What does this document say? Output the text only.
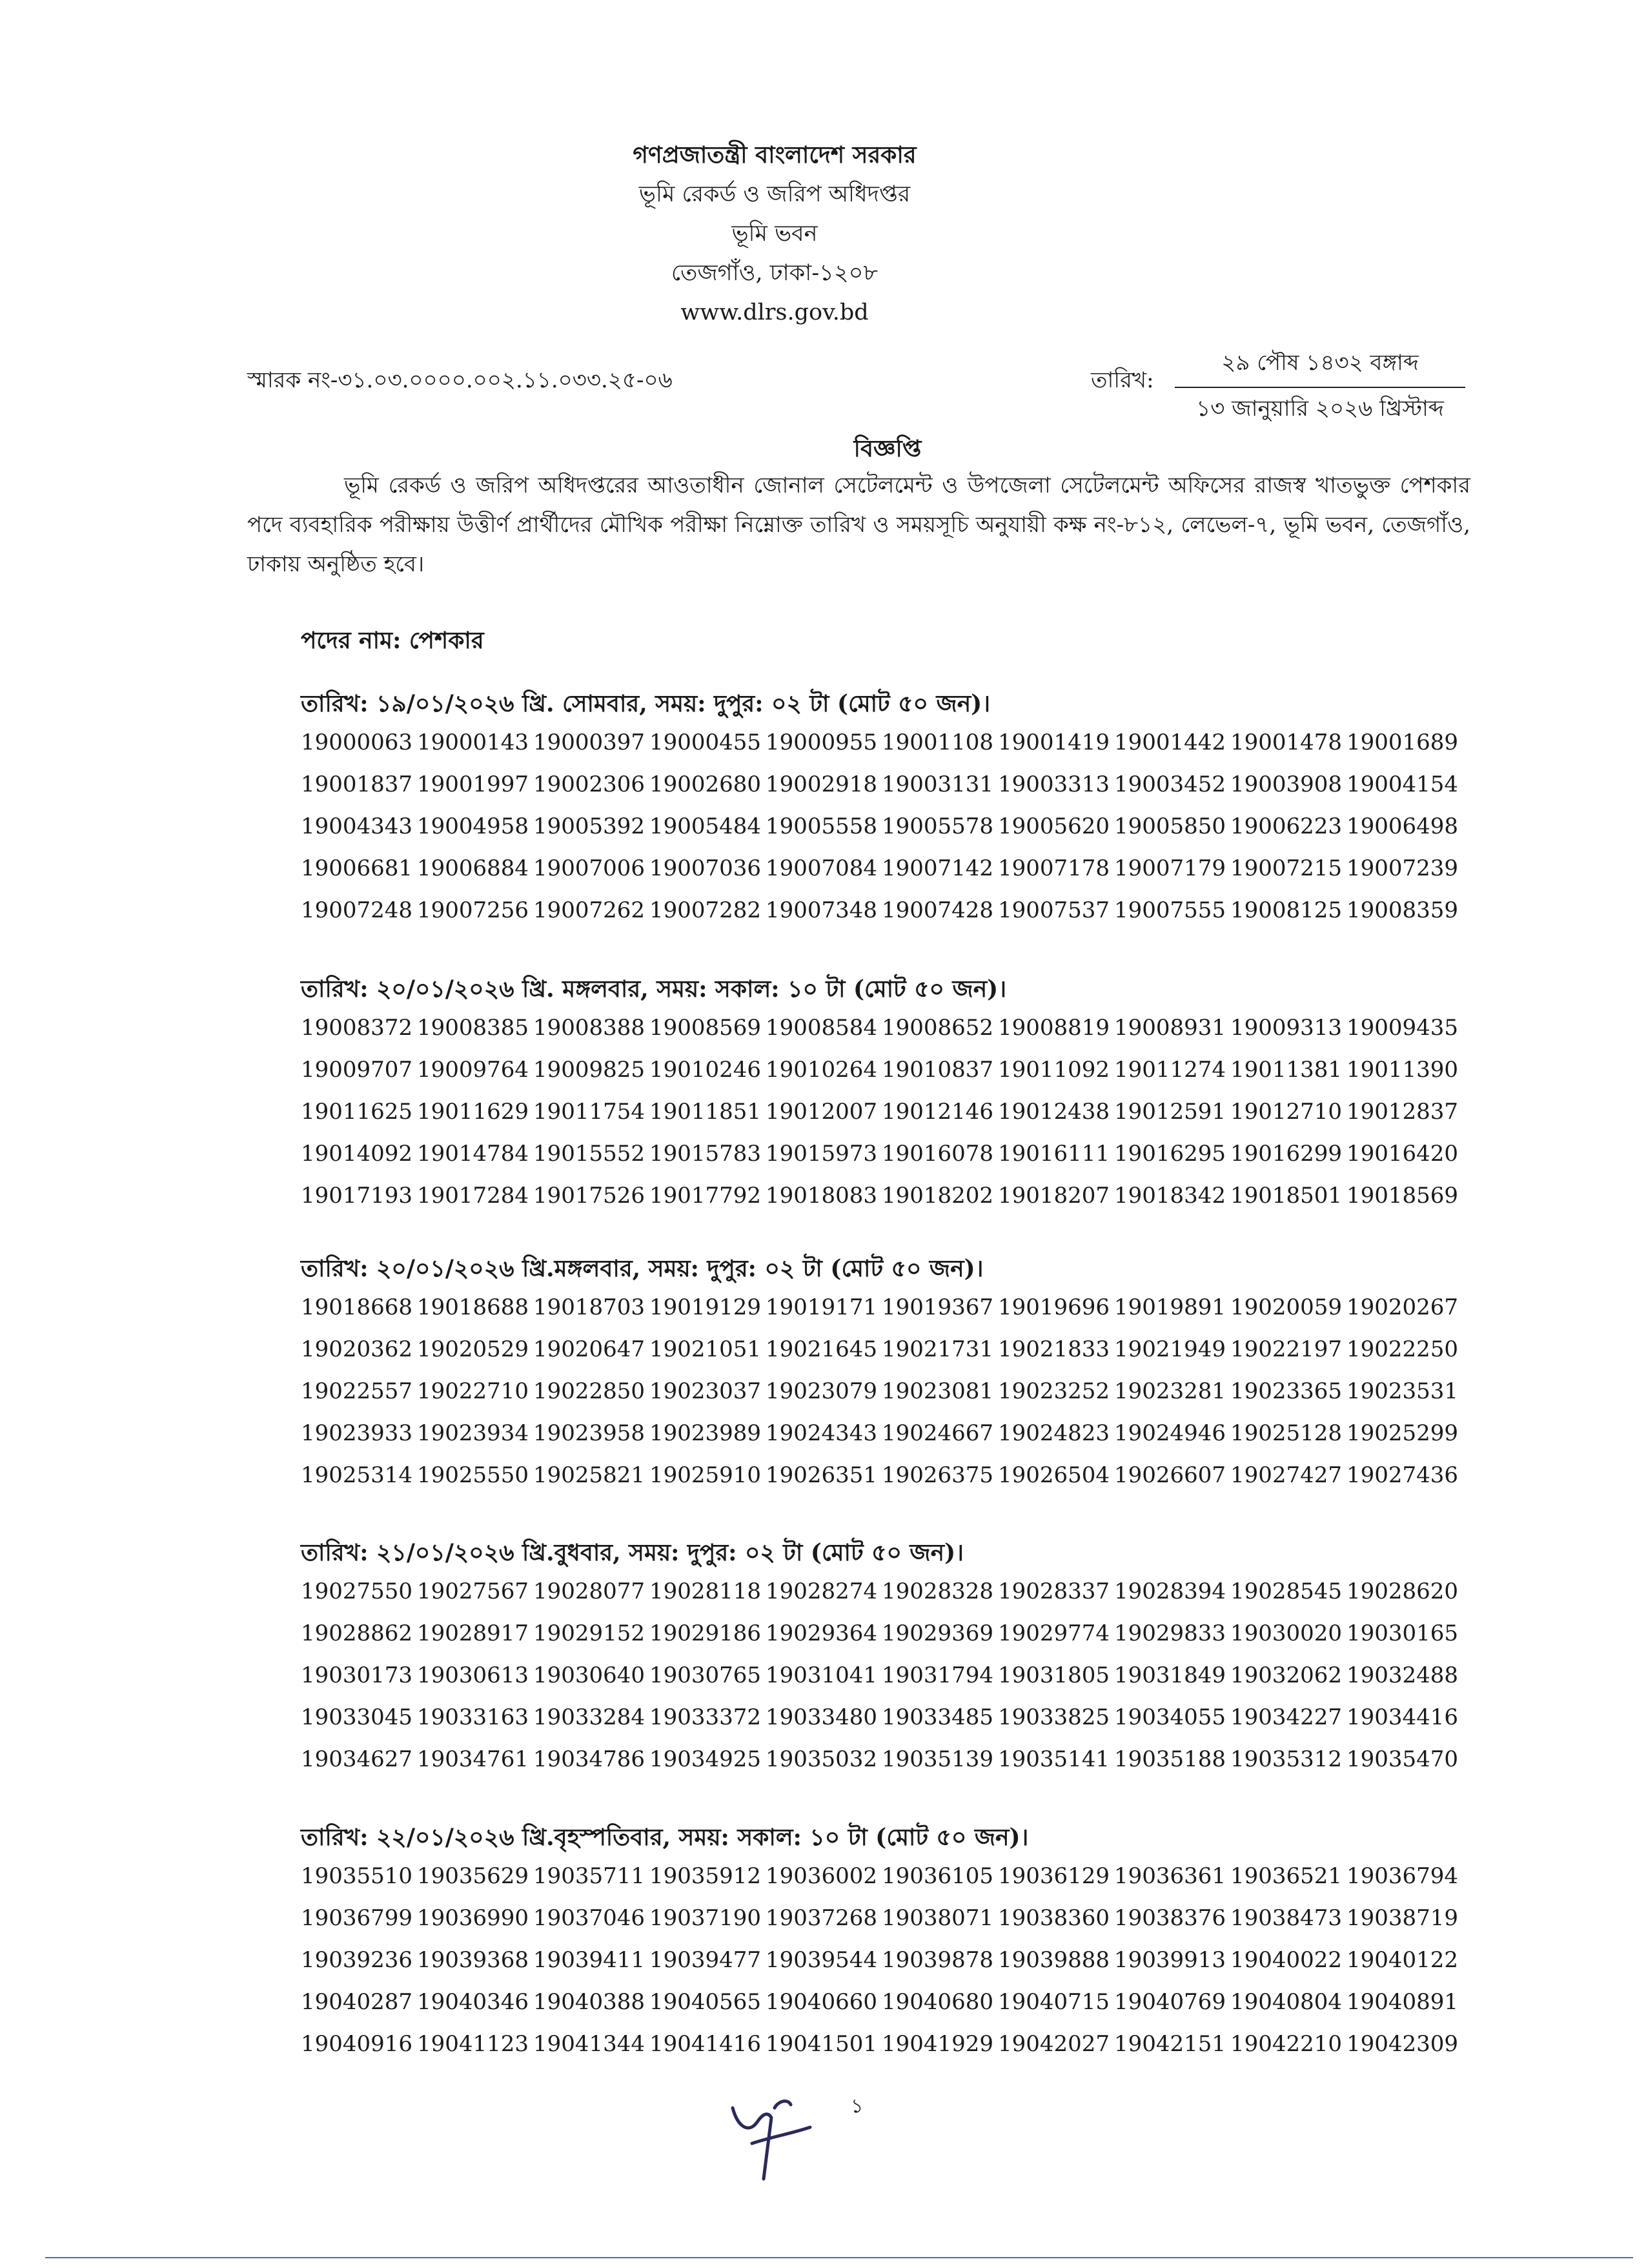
গণপ্রজাতন্ত্রী বাংলাদেশ সরকার
ভূমি রেকর্ড ও জরিপ অধিদপ্তর
ভূমি ভবন
তেজগাঁও, ঢাকা-১২০৮
www.dlrs.gov.bd
স্মারক নং-৩১.০৩.০০০০.০০২.১১.০৩৩.২৫-০৬	তারিখ:
২৯ পৌষ ১৪৩২ বঙ্গাব্দ
১৩ জানুয়ারি ২০২৬ খ্রিস্টাব্দ
বিজ্ঞপ্তি
ভূমি রেকর্ড ও জরিপ অধিদপ্তরের আওতাধীন জোনাল সেটেলমেন্ট ও উপজেলা সেটেলমেন্ট অফিসের রাজস্ব খাতভুক্ত পেশকার পদে ব্যবহারিক পরীক্ষায় উত্তীর্ণ প্রার্থীদের মৌখিক পরীক্ষা নিম্নোক্ত তারিখ ও সময়সূচি অনুযায়ী কক্ষ নং-৮১২, লেভেল-৭, ভূমি ভবন, তেজগাঁও, ঢাকায় অনুষ্ঠিত হবে।
পদের নাম: পেশকার
তারিখ: ১৯/০১/২০২৬ খ্রি. সোমবার, সময়: দুপুর: ০২ টা (মোট ৫০ জন)।
19000063 19000143 19000397 19000455 19000955 19001108 19001419 19001442 19001478 19001689
19001837 19001997 19002306 19002680 19002918 19003131 19003313 19003452 19003908 19004154
19004343 19004958 19005392 19005484 19005558 19005578 19005620 19005850 19006223 19006498
19006681 19006884 19007006 19007036 19007084 19007142 19007178 19007179 19007215 19007239
19007248 19007256 19007262 19007282 19007348 19007428 19007537 19007555 19008125 19008359
তারিখ: ২০/০১/২০২৬ খ্রি. মঙ্গলবার, সময়: সকাল: ১০ টা (মোট ৫০ জন)।
19008372 19008385 19008388 19008569 19008584 19008652 19008819 19008931 19009313 19009435
19009707 19009764 19009825 19010246 19010264 19010837 19011092 19011274 19011381 19011390
19011625 19011629 19011754 19011851 19012007 19012146 19012438 19012591 19012710 19012837
19014092 19014784 19015552 19015783 19015973 19016078 19016111 19016295 19016299 19016420
19017193 19017284 19017526 19017792 19018083 19018202 19018207 19018342 19018501 19018569
তারিখ: ২০/০১/২০২৬ খ্রি.মঙ্গলবার, সময়: দুপুর: ০২ টা (মোট ৫০ জন)।
19018668 19018688 19018703 19019129 19019171 19019367 19019696 19019891 19020059 19020267
19020362 19020529 19020647 19021051 19021645 19021731 19021833 19021949 19022197 19022250
19022557 19022710 19022850 19023037 19023079 19023081 19023252 19023281 19023365 19023531
19023933 19023934 19023958 19023989 19024343 19024667 19024823 19024946 19025128 19025299
19025314 19025550 19025821 19025910 19026351 19026375 19026504 19026607 19027427 19027436
তারিখ: ২১/০১/২০২৬ খ্রি.বুধবার, সময়: দুপুর: ০২ টা (মোট ৫০ জন)।
19027550 19027567 19028077 19028118 19028274 19028328 19028337 19028394 19028545 19028620
19028862 19028917 19029152 19029186 19029364 19029369 19029774 19029833 19030020 19030165
19030173 19030613 19030640 19030765 19031041 19031794 19031805 19031849 19032062 19032488
19033045 19033163 19033284 19033372 19033480 19033485 19033825 19034055 19034227 19034416
19034627 19034761 19034786 19034925 19035032 19035139 19035141 19035188 19035312 19035470
তারিখ: ২২/০১/২০২৬ খ্রি.বৃহস্পতিবার, সময়: সকাল: ১০ টা (মোট ৫০ জন)।
19035510 19035629 19035711 19035912 19036002 19036105 19036129 19036361 19036521 19036794
19036799 19036990 19037046 19037190 19037268 19038071 19038360 19038376 19038473 19038719
19039236 19039368 19039411 19039477 19039544 19039878 19039888 19039913 19040022 19040122
19040287 19040346 19040388 19040565 19040660 19040680 19040715 19040769 19040804 19040891
19040916 19041123 19041344 19041416 19041501 19041929 19042027 19042151 19042210 19042309
১
